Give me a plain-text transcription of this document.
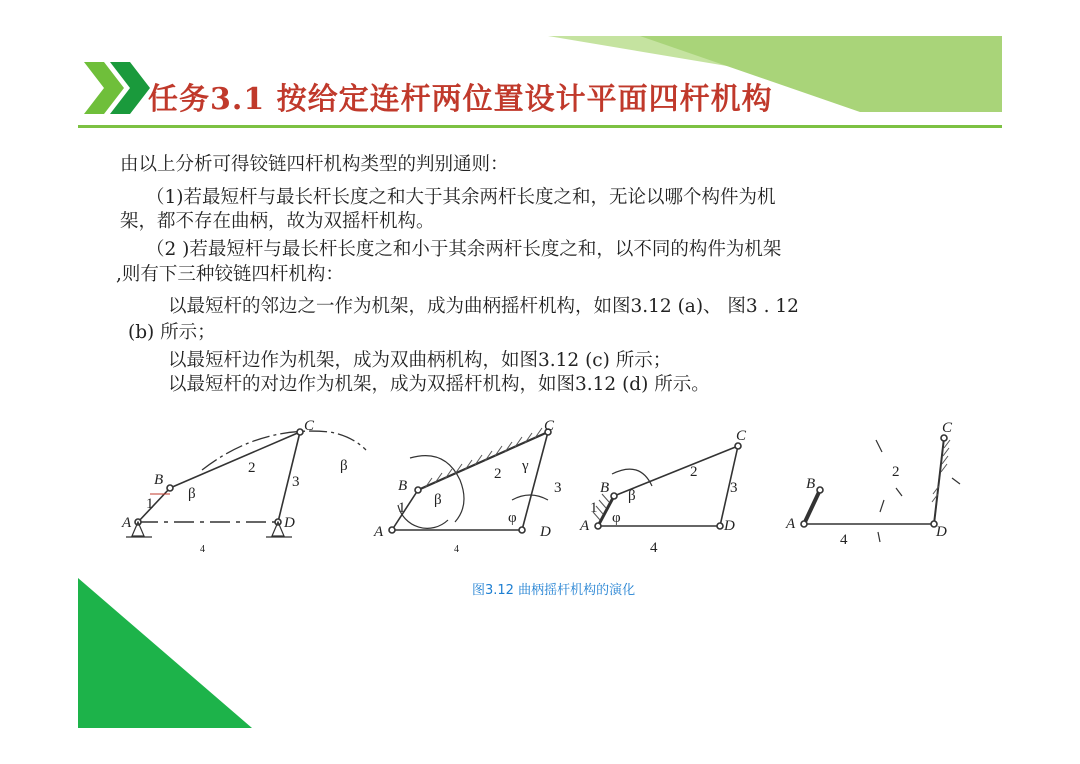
任务3.1 按给定连杆两位置设计平面四杆机构
由以上分析可得铰链四杆机构类型的判别通则：
（1)若最短杆与最长杆长度之和大于其余两杆长度之和，无论以哪个构件为机
架，都不存在曲柄，故为双摇杆机构。
（2 )若最短杆与最长杆长度之和小于其余两杆长度之和，以不同的构件为机架
,则有下三种铰链四杆机构：
以最短杆的邻边之一作为机架，成为曲柄摇杆机构，如图3.12 (a)、 图3 . 12
(b) 所示；
以最短杆边作为机架，成为双曲柄机构，如图3.12 (c) 所示；
以最短杆的对边作为机架，成为双摇杆机构，如图3.12 (d) 所示。
A
B
C
D
1
2
3
4
β
β
A
B
C
D
1
2
3
4
β
γ
φ	A
B
C
D
1
2
3
4
β
φ	A
B
C
D
2
4
图3.12 曲柄摇杆机构的演化
